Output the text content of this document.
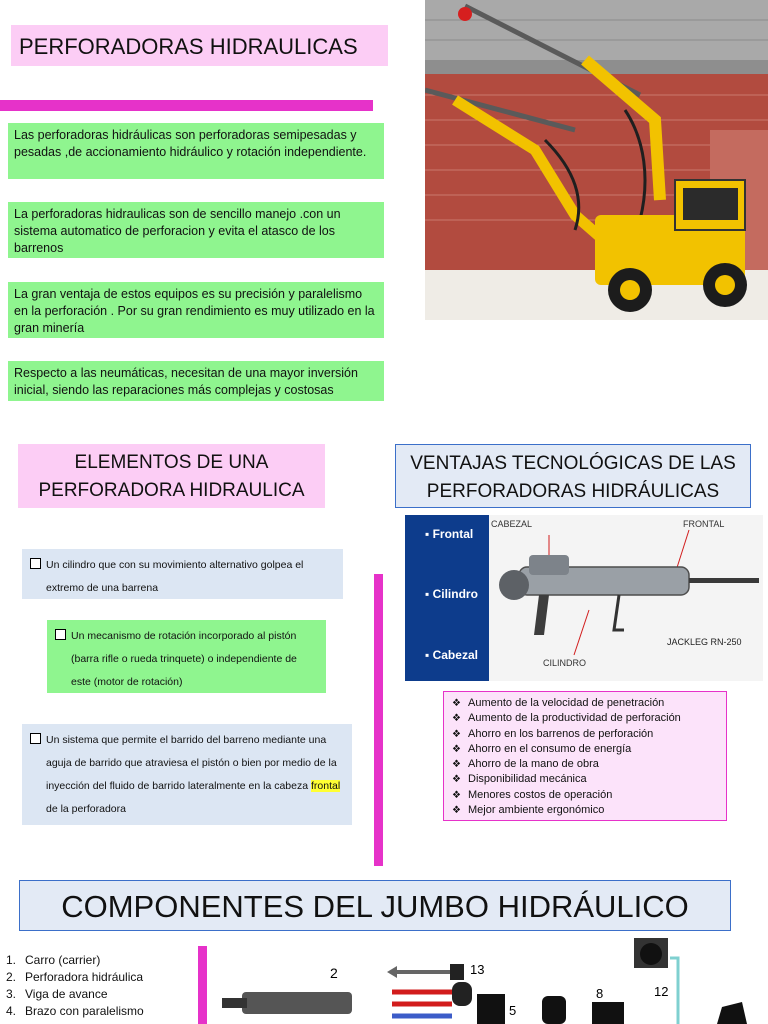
PERFORADORAS HIDRAULICAS
Las perforadoras hidráulicas son perforadoras semipesadas y pesadas ,de accionamiento hidráulico y rotación independiente.
La perforadoras hidraulicas son de sencillo manejo .con un sistema automatico de perforacion y evita el atasco de los barrenos
La gran ventaja de estos equipos es su precisión y paralelismo en la perforación . Por su gran rendimiento es muy utilizado en la gran minería
Respecto a las neumáticas, necesitan de una mayor inversión inicial, siendo las reparaciones más complejas y costosas
ELEMENTOS DE UNA PERFORADORA HIDRAULICA
VENTAJAS TECNOLÓGICAS DE LAS PERFORADORAS HIDRÁULICAS
Un cilindro que con su movimiento alternativo golpea el extremo de una barrena
Un mecanismo de rotación incorporado al pistón (barra rifle o rueda trinquete) o independiente de este (motor de rotación)
Un sistema que permite el barrido del barreno mediante una aguja de barrido que atraviesa el pistón o bien por medio de la inyección del fluido de barrido lateralmente en la cabeza frontal de la perforadora
▪ Frontal
▪ Cilindro
▪ Cabezal
CABEZAL	FRONTAL
CILINDRO
JACKLEG RN-250
❖ Aumento de la velocidad de penetración
❖ Aumento de la productividad de perforación
❖ Ahorro en los barrenos de perforación
❖ Ahorro en el consumo de energía
❖ Ahorro de la mano de obra
❖ Disponibilidad mecánica
❖ Menores costos de operación
❖ Mejor ambiente ergonómico
COMPONENTES DEL JUMBO HIDRÁULICO
1. Carro (carrier)
2. Perforadora hidráulica
3. Viga de avance
4. Brazo con paralelismo
2	13
5
8	12
